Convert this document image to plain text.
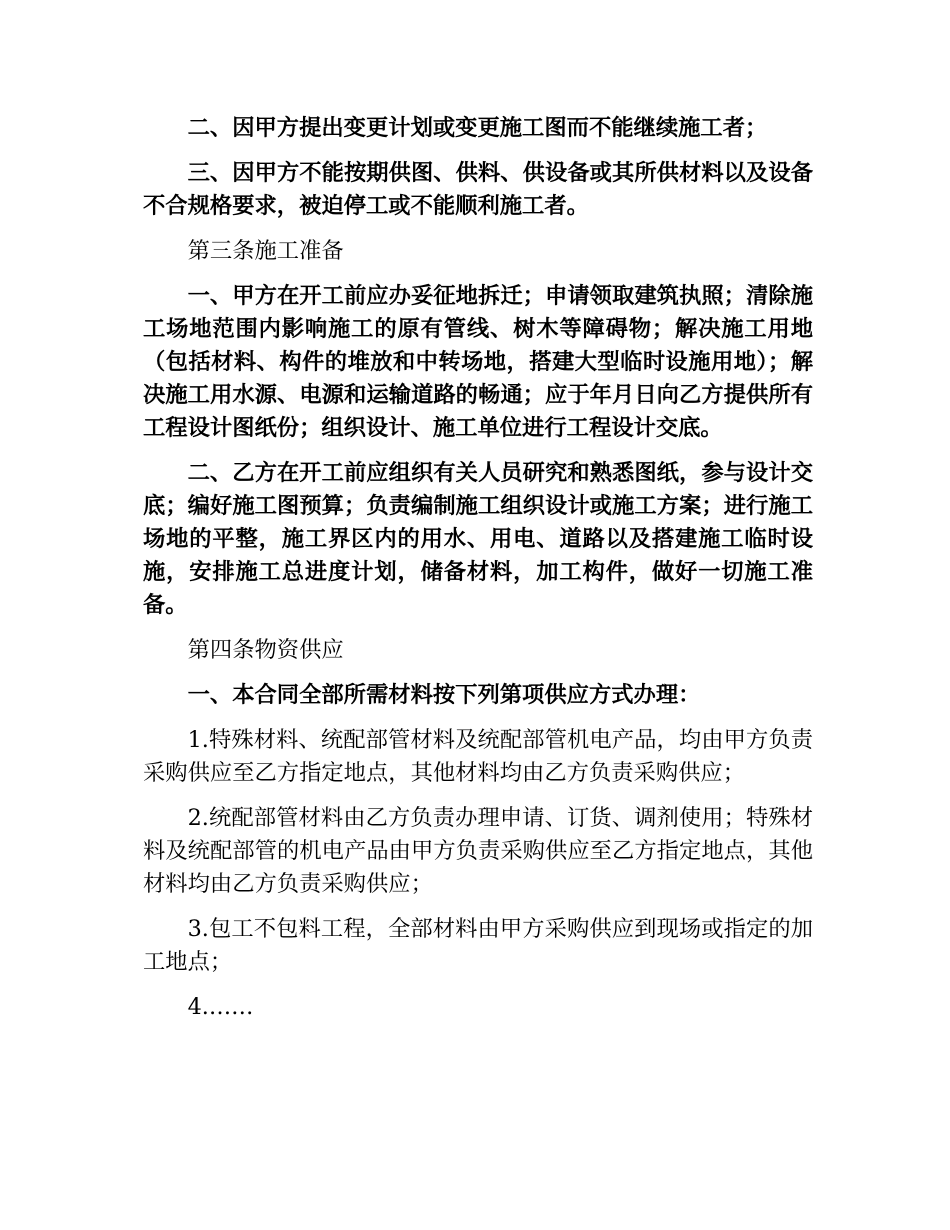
二、因甲方提出变更计划或变更施工图而不能继续施工者；

三、因甲方不能按期供图、供料、供设备或其所供材料以及设备不合规格要求，被迫停工或不能顺利施工者。

第三条施工准备

一、甲方在开工前应办妥征地拆迁；申请领取建筑执照；清除施工场地范围内影响施工的原有管线、树木等障碍物；解决施工用地（包括材料、构件的堆放和中转场地，搭建大型临时设施用地）；解决施工用水源、电源和运输道路的畅通；应于年月日向乙方提供所有工程设计图纸份；组织设计、施工单位进行工程设计交底。

二、乙方在开工前应组织有关人员研究和熟悉图纸，参与设计交底；编好施工图预算；负责编制施工组织设计或施工方案；进行施工场地的平整，施工界区内的用水、用电、道路以及搭建施工临时设施，安排施工总进度计划，储备材料，加工构件，做好一切施工准备。

第四条物资供应

一、本合同全部所需材料按下列第项供应方式办理：

1.特殊材料、统配部管材料及统配部管机电产品，均由甲方负责采购供应至乙方指定地点，其他材料均由乙方负责采购供应；

2.统配部管材料由乙方负责办理申请、订货、调剂使用；特殊材料及统配部管的机电产品由甲方负责采购供应至乙方指定地点，其他材料均由乙方负责采购供应；

3.包工不包料工程，全部材料由甲方采购供应到现场或指定的加工地点；

4.……
